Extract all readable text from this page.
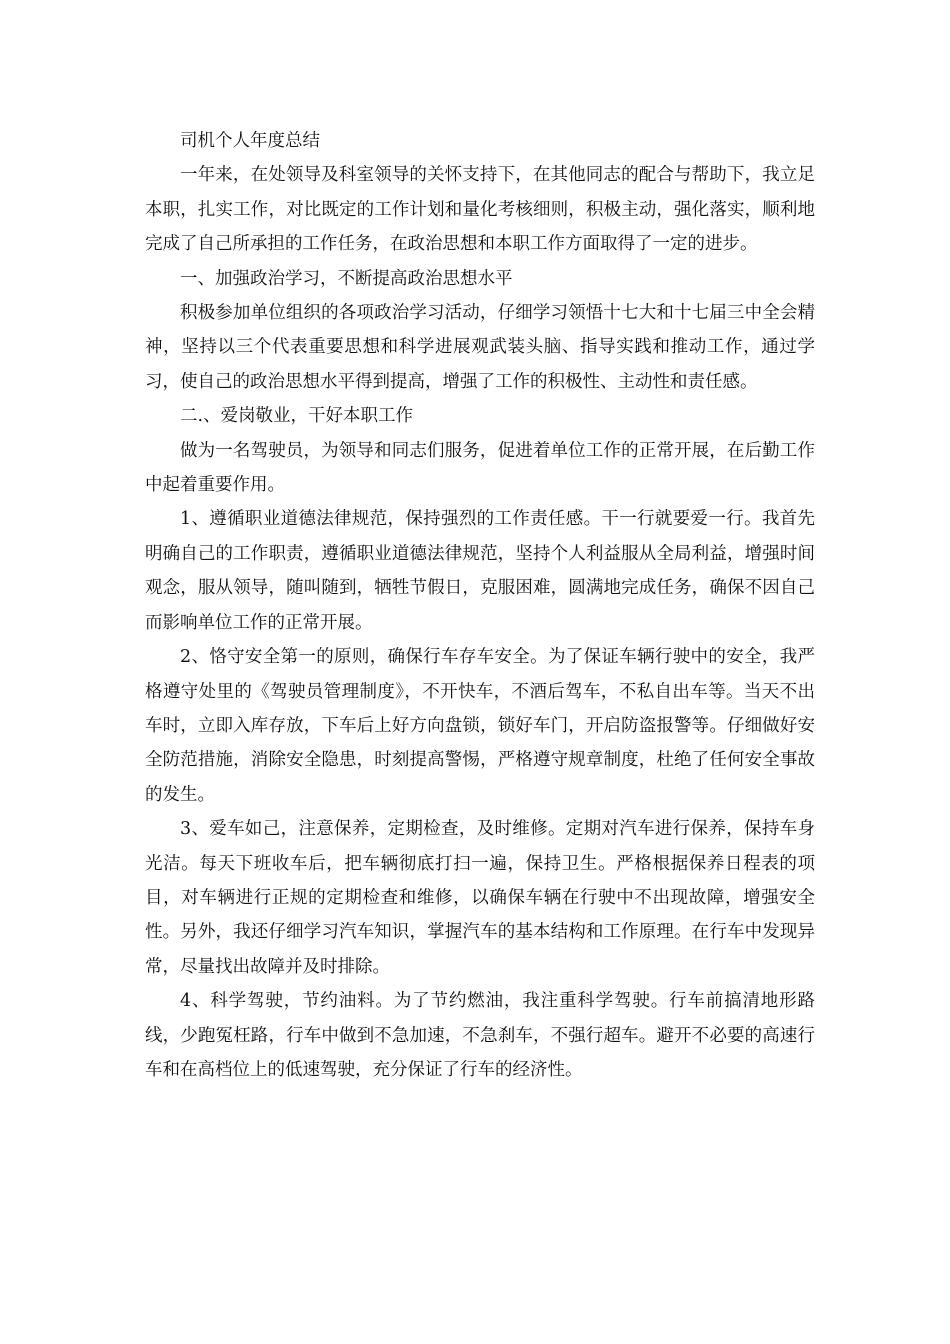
司机个人年度总结

一年来，在处领导及科室领导的关怀支持下，在其他同志的配合与帮助下，我立足本职，扎实工作，对比既定的工作计划和量化考核细则，积极主动，强化落实，顺利地完成了自己所承担的工作任务，在政治思想和本职工作方面取得了一定的进步。

一、加强政治学习，不断提高政治思想水平

积极参加单位组织的各项政治学习活动，仔细学习领悟十七大和十七届三中全会精神，坚持以三个代表重要思想和科学进展观武装头脑、指导实践和推动工作，通过学习，使自己的政治思想水平得到提高，增强了工作的积极性、主动性和责任感。

二.、爱岗敬业，干好本职工作

做为一名驾驶员，为领导和同志们服务，促进着单位工作的正常开展，在后勤工作中起着重要作用。

1、遵循职业道德法律规范，保持强烈的工作责任感。干一行就要爱一行。我首先明确自己的工作职责，遵循职业道德法律规范，坚持个人利益服从全局利益，增强时间观念，服从领导，随叫随到，牺牲节假日，克服困难，圆满地完成任务，确保不因自己而影响单位工作的正常开展。

2、恪守安全第一的原则，确保行车存车安全。为了保证车辆行驶中的安全，我严格遵守处里的《驾驶员管理制度》，不开快车，不酒后驾车，不私自出车等。当天不出车时，立即入库存放，下车后上好方向盘锁，锁好车门，开启防盗报警等。仔细做好安全防范措施，消除安全隐患，时刻提高警惕，严格遵守规章制度，杜绝了任何安全事故的发生。

3、爱车如己，注意保养，定期检查，及时维修。定期对汽车进行保养，保持车身光洁。每天下班收车后，把车辆彻底打扫一遍，保持卫生。严格根据保养日程表的项目，对车辆进行正规的定期检查和维修，以确保车辆在行驶中不出现故障，增强安全性。另外，我还仔细学习汽车知识，掌握汽车的基本结构和工作原理。在行车中发现异常，尽量找出故障并及时排除。

4、科学驾驶，节约油料。为了节约燃油，我注重科学驾驶。行车前搞清地形路线，少跑冤枉路，行车中做到不急加速，不急刹车，不强行超车。避开不必要的高速行车和在高档位上的低速驾驶，充分保证了行车的经济性。
